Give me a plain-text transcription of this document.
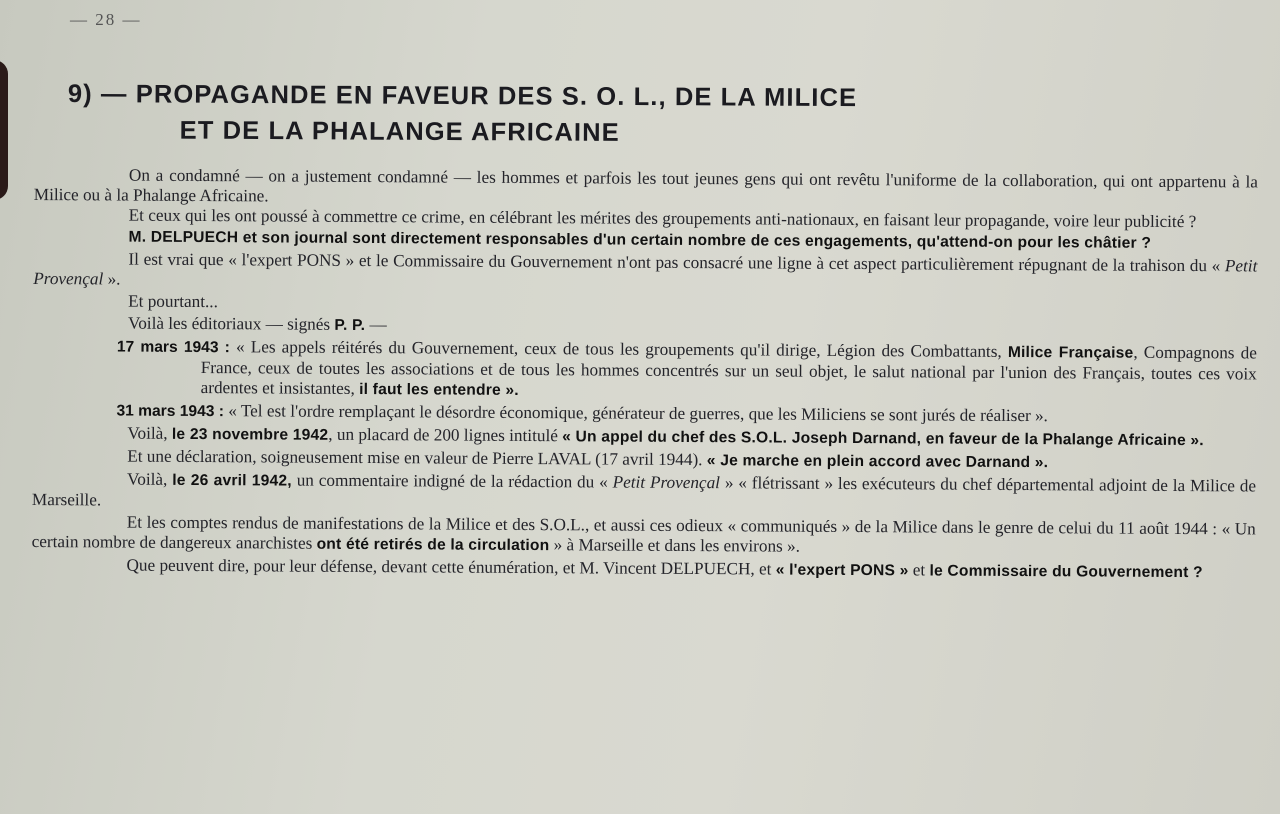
— 28 —
9) — PROPAGANDE EN FAVEUR DES S. O. L., DE LA MILICE
ET DE LA PHALANGE AFRICAINE

On a condamné — on a justement condamné — les hommes et parfois les tout jeunes gens qui ont revêtu l'uniforme de la collaboration, qui ont appartenu à la Milice ou à la Phalange Africaine.

Et ceux qui les ont poussé à commettre ce crime, en célébrant les mérites des groupements anti-nationaux, en faisant leur propagande, voire leur publicité ?

M. DELPUECH et son journal sont directement responsables d'un certain nombre de ces engagements, qu'attend-on pour les châtier ?

Il est vrai que « l'expert PONS » et le Commissaire du Gouvernement n'ont pas consacré une ligne à cet aspect particulièrement répugnant de la trahison du « Petit Provençal ».

Et pourtant...

Voilà les éditoriaux — signés P. P. —

17 mars 1943 : « Les appels réitérés du Gouvernement, ceux de tous les groupements qu'il dirige, Légion des Combattants, Milice Française, Compagnons de France, ceux de toutes les associations et de tous les hommes concentrés sur un seul objet, le salut national par l'union des Français, toutes ces voix ardentes et insistantes, il faut les entendre ».

31 mars 1943 : « Tel est l'ordre remplaçant le désordre économique, générateur de guerres, que les Miliciens se sont jurés de réaliser ».

Voilà, le 23 novembre 1942, un placard de 200 lignes intitulé « Un appel du chef des S.O.L. Joseph Darnand, en faveur de la Phalange Africaine ».

Et une déclaration, soigneusement mise en valeur de Pierre LAVAL (17 avril 1944). « Je marche en plein accord avec Darnand ».

Voilà, le 26 avril 1942, un commentaire indigné de la rédaction du « Petit Provençal » « flétrissant » les exécuteurs du chef départemental adjoint de la Milice de Marseille.

Et les comptes rendus de manifestations de la Milice et des S.O.L., et aussi ces odieux « communiqués » de la Milice dans le genre de celui du 11 août 1944 : « Un certain nombre de dangereux anarchistes ont été retirés de la circulation » à Marseille et dans les environs ».

Que peuvent dire, pour leur défense, devant cette énumération, et M. Vincent DELPUECH, et « l'expert PONS » et le Commissaire du Gouvernement ?
